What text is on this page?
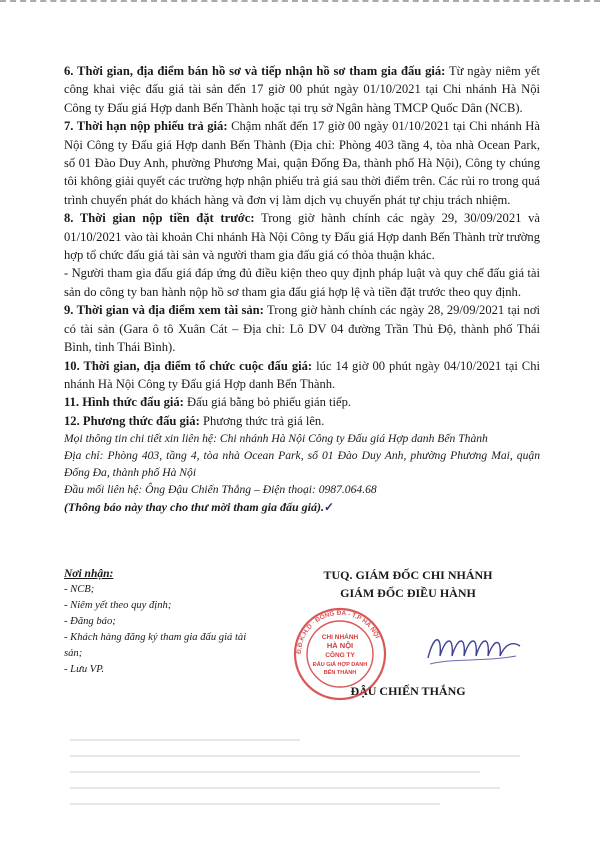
6. Thời gian, địa điểm bán hồ sơ và tiếp nhận hồ sơ tham gia đấu giá: Từ ngày niêm yết công khai việc đấu giá tài sản đến 17 giờ 00 phút ngày 01/10/2021 tại Chi nhánh Hà Nội Công ty Đấu giá Hợp danh Bến Thành hoặc tại trụ sở Ngân hàng TMCP Quốc Dân (NCB).

7. Thời hạn nộp phiếu trả giá: Chậm nhất đến 17 giờ 00 ngày 01/10/2021 tại Chi nhánh Hà Nội Công ty Đấu giá Hợp danh Bến Thành (Địa chỉ: Phòng 403 tầng 4, tòa nhà Ocean Park, số 01 Đào Duy Anh, phường Phương Mai, quận Đống Đa, thành phố Hà Nội), Công ty chúng tôi không giải quyết các trường hợp nhận phiếu trả giá sau thời điểm trên. Các rủi ro trong quá trình chuyển phát do khách hàng và đơn vị làm dịch vụ chuyển phát tự chịu trách nhiệm.

8. Thời gian nộp tiền đặt trước: Trong giờ hành chính các ngày 29, 30/09/2021 và 01/10/2021 vào tài khoản Chi nhánh Hà Nội Công ty Đấu giá Hợp danh Bến Thành trừ trường hợp tổ chức đấu giá tài sản và người tham gia đấu giá có thỏa thuận khác.

- Người tham gia đấu giá đáp ứng đủ điều kiện theo quy định pháp luật và quy chế đấu giá tài sản do công ty ban hành nộp hồ sơ tham gia đấu giá hợp lệ và tiền đặt trước theo quy định.

9. Thời gian và địa điểm xem tài sản: Trong giờ hành chính các ngày 28, 29/09/2021 tại nơi có tài sản (Gara ô tô Xuân Cát – Địa chỉ: Lô DV 04 đường Trần Thủ Độ, thành phố Thái Bình, tỉnh Thái Bình).

10. Thời gian, địa điểm tổ chức cuộc đấu giá: lúc 14 giờ 00 phút ngày 04/10/2021 tại Chi nhánh Hà Nội Công ty Đấu giá Hợp danh Bến Thành.

11. Hình thức đấu giá: Đấu giá bằng bỏ phiếu gián tiếp.

12. Phương thức đấu giá: Phương thức trả giá lên.

Mọi thông tin chi tiết xin liên hệ: Chi nhánh Hà Nội Công ty Đấu giá Hợp danh Bến Thành

Địa chỉ: Phòng 403, tầng 4, tòa nhà Ocean Park, số 01 Đào Duy Anh, phường Phương Mai, quận Đống Đa, thành phố Hà Nội

Đầu mối liên hệ: Ông Đậu Chiến Thắng – Điện thoại: 0987.064.68

(Thông báo này thay cho thư mời tham gia đấu giá).✓

Nơi nhận:
- NCB;
- Niêm yết theo quy định;
- Đăng báo;
- Khách hàng đăng ký tham gia đấu giá tài sản;
- Lưu VP.
TUQ. GIÁM ĐỐC CHI NHÁNH
GIÁM ĐỐC ĐIỀU HÀNH
ĐẬU CHIẾN THẮNG
Đ.Đ.K.H.D · ĐỐNG ĐA - T.P HÀ NỘI
CHI NHÁNH
HÀ NỘI
CÔNG TY
ĐẤU GIÁ HỢP DANH
BẾN THÀNH
